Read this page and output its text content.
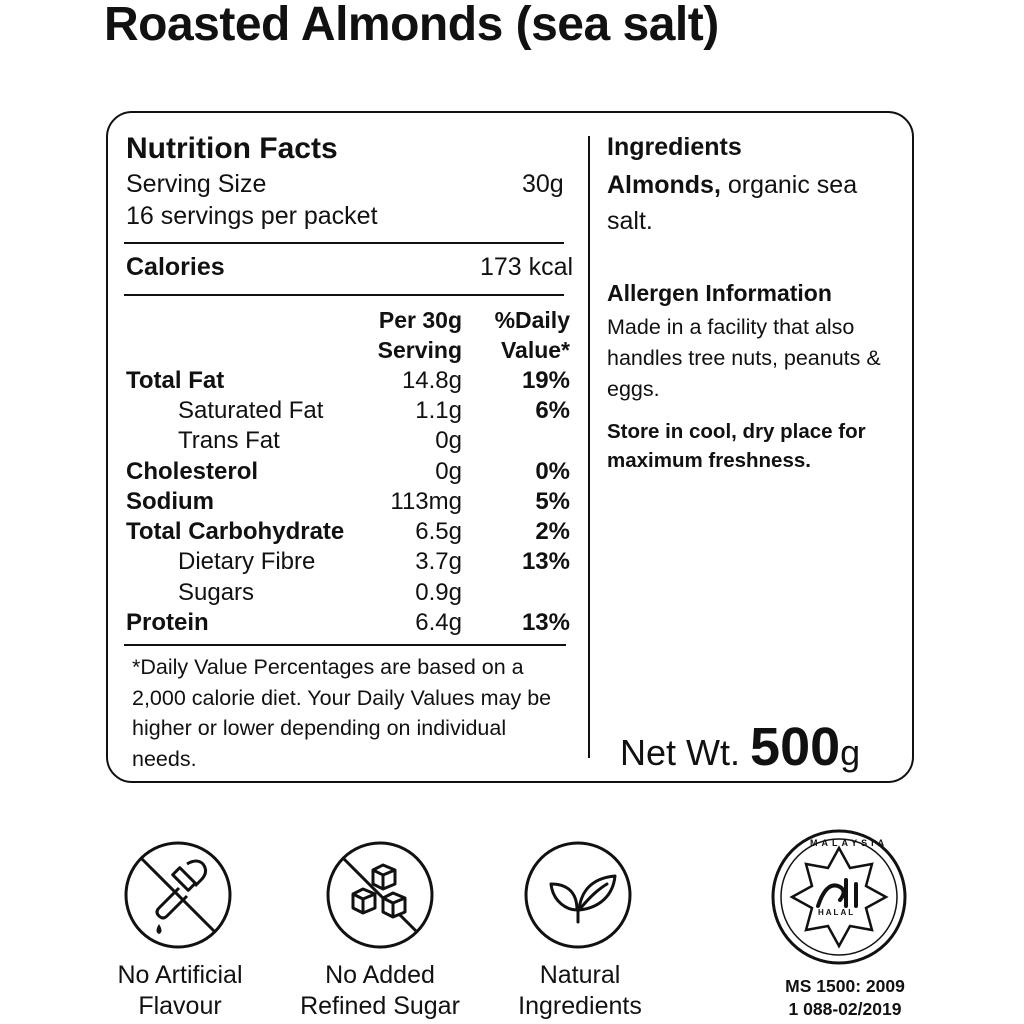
Roasted Almonds (sea salt)
Nutrition Facts
Serving Size	30g
16 servings per packet
Calories	173 kcal
Per 30g
Serving
%Daily
Value*
Total Fat	14.8g 19%
Saturated Fat	1.1g	6%
Trans Fat	0g
Cholesterol	0g	0%
Sodium	113mg	5%
Total Carbohydrate	6.5g	2%
Dietary Fibre	3.7g 13%
Sugars	0.9g
Protein	6.4g 13%
*Daily Value Percentages are based on a 2,000 calorie diet. Your Daily Values may be higher or lower depending on individual needs.
Ingredients
Almonds, organic sea salt.
Allergen Information
Made in a facility that also handles tree nuts, peanuts & eggs.
Store in cool, dry place for maximum freshness.
Net Wt. 500g
MALAYSIA
HALAL
No Artificial
Flavour
No Added
Refined Sugar
Natural
Ingredients
MS 1500: 2009
1 088-02/2019
